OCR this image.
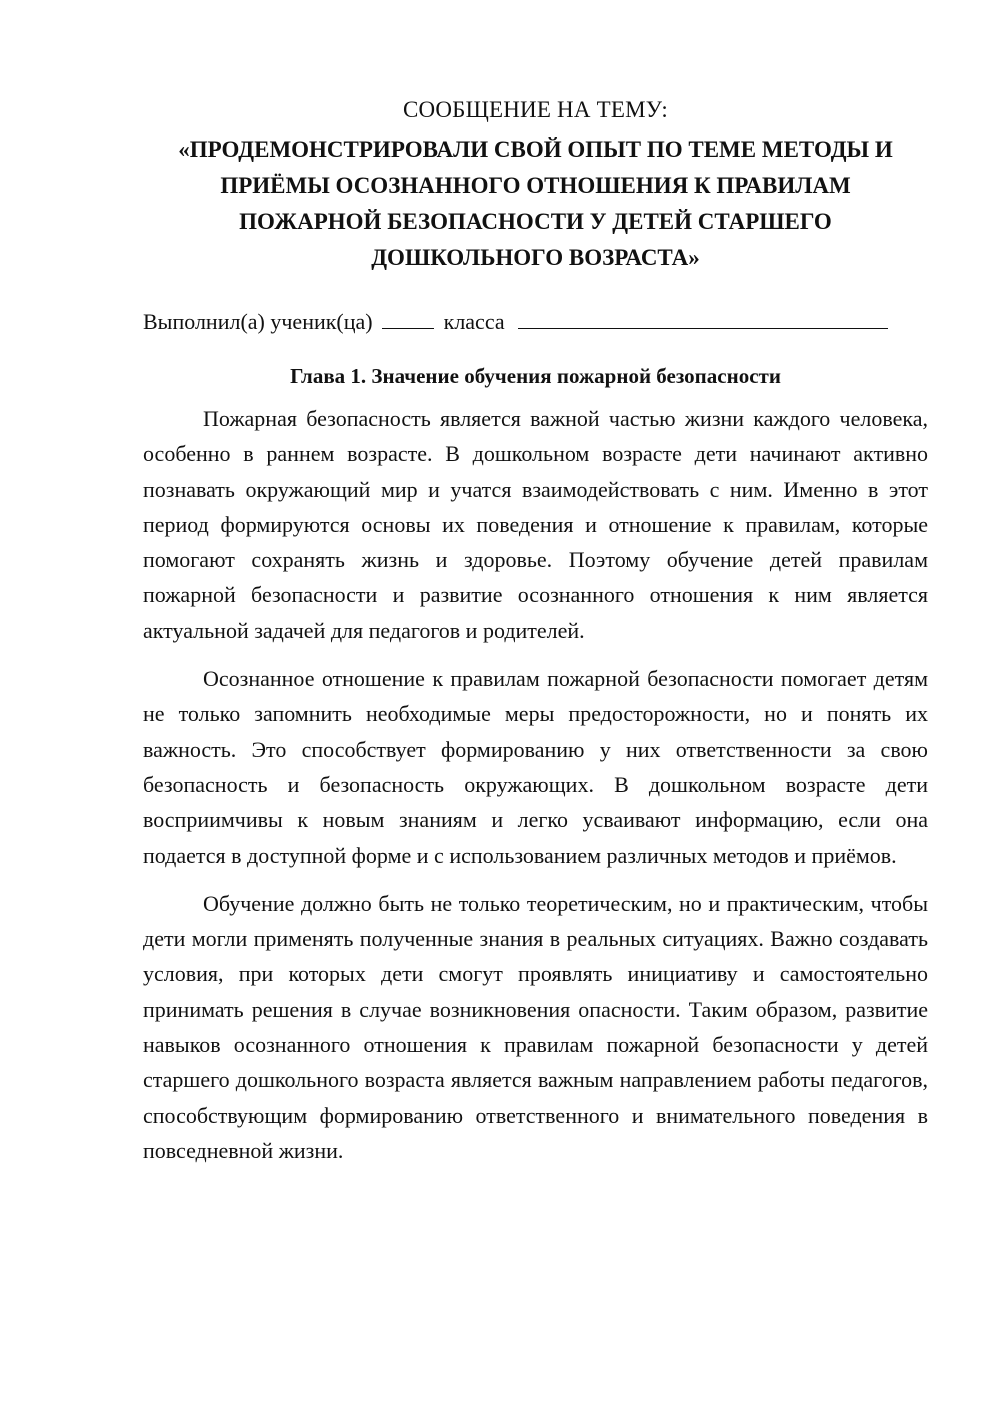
СООБЩЕНИЕ НА ТЕМУ:

«ПРОДЕМОНСТРИРОВАЛИ СВОЙ ОПЫТ ПО ТЕМЕ МЕТОДЫ И
ПРИЁМЫ ОСОЗНАННОГО ОТНОШЕНИЯ К ПРАВИЛАМ
ПОЖАРНОЙ БЕЗОПАСНОСТИ У ДЕТЕЙ СТАРШЕГО
ДОШКОЛЬНОГО ВОЗРАСТА»
Выполнил(а) ученик(ца)	класса
Глава 1. Значение обучения пожарной безопасности

Пожарная безопасность является важной частью жизни каждого человека, особенно в раннем возрасте. В дошкольном возрасте дети начинают активно познавать окружающий мир и учатся взаимодействовать с ним. Именно в этот период формируются основы их поведения и отношение к правилам, которые помогают сохранять жизнь и здоровье. Поэтому обучение детей правилам пожарной безопасности и развитие осознанного отношения к ним является актуальной задачей для педагогов и родителей.

Осознанное отношение к правилам пожарной безопасности помогает детям не только запомнить необходимые меры предосторожности, но и понять их важность. Это способствует формированию у них ответственности за свою безопасность и безопасность окружающих. В дошкольном возрасте дети восприимчивы к новым знаниям и легко усваивают информацию, если она подается в доступной форме и с использованием различных методов и приёмов.

Обучение должно быть не только теоретическим, но и практическим, чтобы дети могли применять полученные знания в реальных ситуациях. Важно создавать условия, при которых дети смогут проявлять инициативу и самостоятельно принимать решения в случае возникновения опасности. Таким образом, развитие навыков осознанного отношения к правилам пожарной безопасности у детей старшего дошкольного возраста является важным направлением работы педагогов, способствующим формированию ответственного и внимательного поведения в повседневной жизни.
